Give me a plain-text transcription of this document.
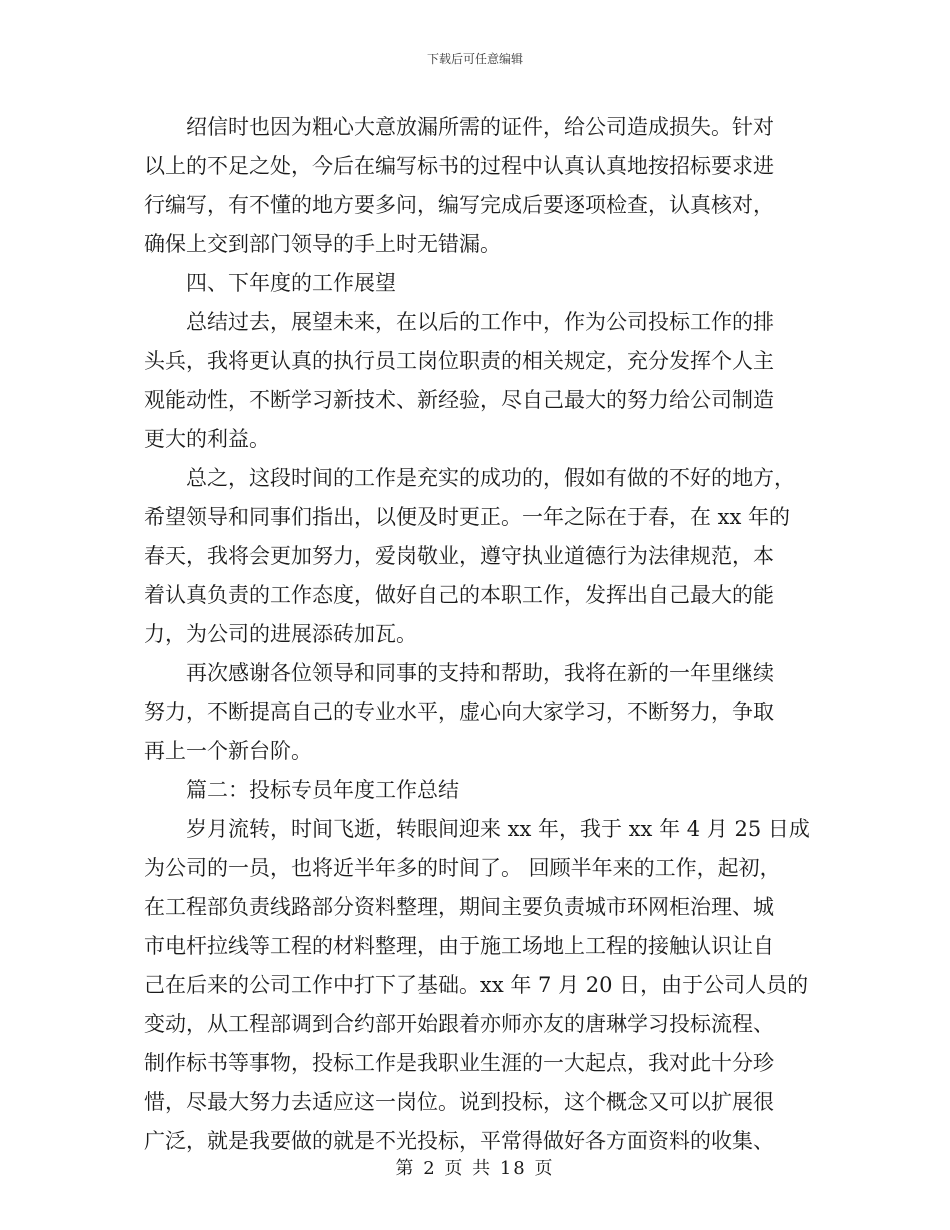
下载后可任意编辑
绍信时也因为粗心大意放漏所需的证件，给公司造成损失。针对
以上的不足之处，今后在编写标书的过程中认真认真地按招标要求进
行编写，有不懂的地方要多问，编写完成后要逐项检查，认真核对，
确保上交到部门领导的手上时无错漏。
四、下年度的工作展望
总结过去，展望未来，在以后的工作中，作为公司投标工作的排
头兵，我将更认真的执行员工岗位职责的相关规定，充分发挥个人主
观能动性，不断学习新技术、新经验，尽自己最大的努力给公司制造
更大的利益。
总之，这段时间的工作是充实的成功的，假如有做的不好的地方，
希望领导和同事们指出，以便及时更正。一年之际在于春，在 xx 年的
春天，我将会更加努力，爱岗敬业，遵守执业道德行为法律规范，本
着认真负责的工作态度，做好自己的本职工作，发挥出自己最大的能
力，为公司的进展添砖加瓦。
再次感谢各位领导和同事的支持和帮助，我将在新的一年里继续
努力，不断提高自己的专业水平，虚心向大家学习，不断努力，争取
再上一个新台阶。
篇二：投标专员年度工作总结
岁月流转，时间飞逝，转眼间迎来 xx 年，我于 xx 年 4 月 25 日成
为公司的一员，也将近半年多的时间了。 回顾半年来的工作，起初，
在工程部负责线路部分资料整理，期间主要负责城市环网柜治理、城
市电杆拉线等工程的材料整理，由于施工场地上工程的接触认识让自
己在后来的公司工作中打下了基础。xx 年 7 月 20 日，由于公司人员的
变动，从工程部调到合约部开始跟着亦师亦友的唐琳学习投标流程、
制作标书等事物，投标工作是我职业生涯的一大起点，我对此十分珍
惜，尽最大努力去适应这一岗位。说到投标，这个概念又可以扩展很
广泛，就是我要做的就是不光投标，平常得做好各方面资料的收集、
第 2 页 共 18 页
